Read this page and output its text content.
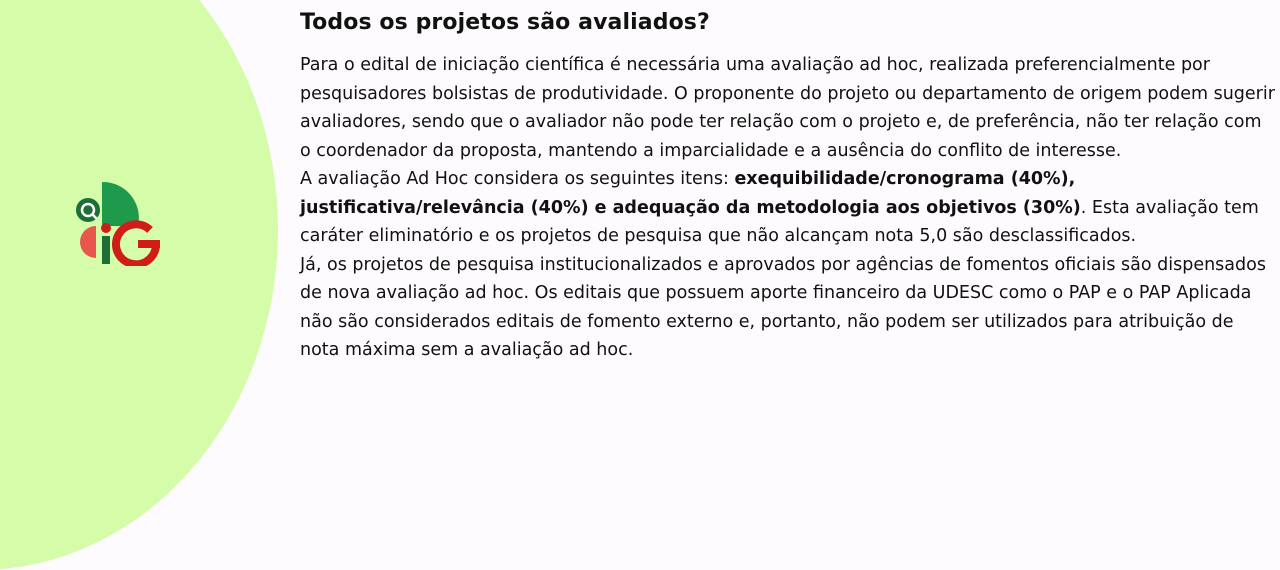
Todos os projetos são avaliados?

Para o edital de iniciação científica é necessária uma avaliação ad hoc, realizada preferencialmente por pesquisadores bolsistas de produtividade. O proponente do projeto ou departamento de origem podem sugerir avaliadores, sendo que o avaliador não pode ter relação com o projeto e, de preferência, não ter relação com o coordenador da proposta, mantendo a imparcialidade e a ausência do conflito de interesse.

A avaliação Ad Hoc considera os seguintes itens: exequibilidade/cronograma (40%), justificativa/relevância (40%) e adequação da metodologia aos objetivos (30%). Esta avaliação tem caráter eliminatório e os projetos de pesquisa que não alcançam nota 5,0 são desclassificados.

Já, os projetos de pesquisa institucionalizados e aprovados por agências de fomentos oficiais são dispensados de nova avaliação ad hoc. Os editais que possuem aporte financeiro da UDESC como o PAP e o PAP Aplicada não são considerados editais de fomento externo e, portanto, não podem ser utilizados para atribuição de nota máxima sem a avaliação ad hoc.
